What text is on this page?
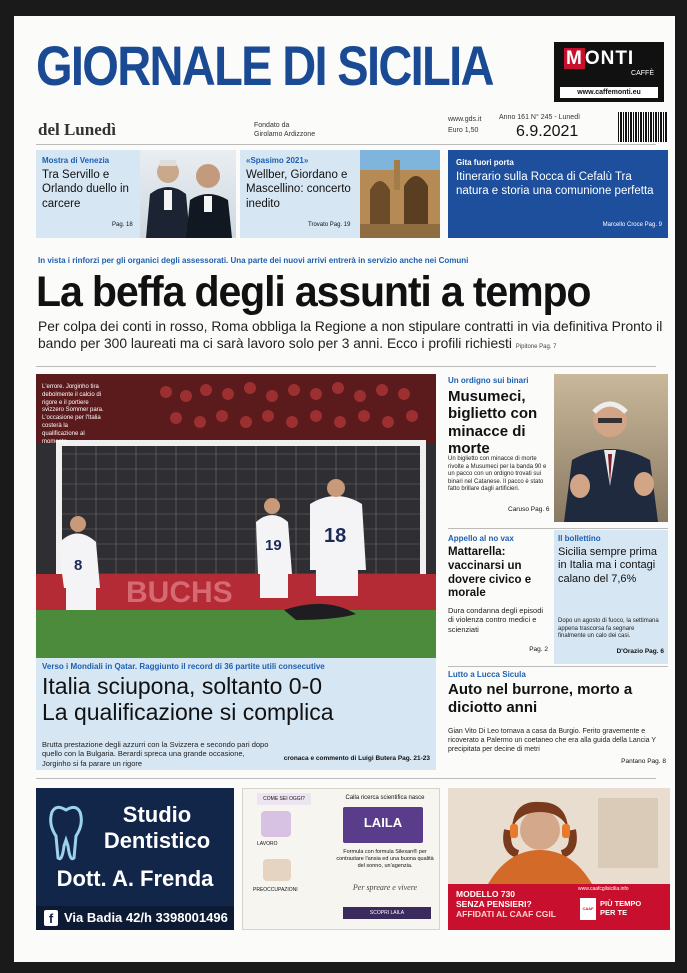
GIORNALE DI SICILIA	M ONTI
CAFFÈ
www.caffemonti.eu
del Lunedì	Fondato da
Girolamo Ardizzone
www.gds.it
Euro 1,50
Anno 161 N° 245 - Lunedì
6.9.2021
Mostra di Venezia
Tra Servillo e Orlando duello in carcere
Pag. 18
«Spasimo 2021»
Wellber, Giordano e Mascellino: concerto inedito
Trovato Pag. 19
Gita fuori porta
Itinerario sulla Rocca di Cefalù Tra natura e storia una comunione perfetta
Marcello Croce Pag. 9
In vista i rinforzi per gli organici degli assessorati. Una parte dei nuovi arrivi entrerà in servizio anche nei Comuni
La beffa degli assunti a tempo
Per colpa dei conti in rosso, Roma obbliga la Regione a non stipulare contratti in via definitiva Pronto il bando per 300 laureati ma ci sarà lavoro solo per 3 anni. Ecco i profili richiesti Pipitone Pag. 7
BUCHS
8
19 18
L'errore. Jorginho tira debolmente il calcio di rigore e il portiere svizzero Sommer para. L'occasione per l'Italia costerà la qualificazione al momento
Verso i Mondiali in Qatar. Raggiunto il record di 36 partite utili consecutive
Italia sciupona, soltanto 0-0
La qualificazione si complica
Brutta prestazione degli azzurri con la Svizzera e secondo pari dopo quello con la Bulgaria. Berardi spreca una grande occasione, Jorginho si fa parare un rigore
cronaca e commento di Luigi Butera Pag. 21-23
Un ordigno sui binari
Musumeci, biglietto con minacce di morte
Un biglietto con minacce di morte rivolte a Musumeci per la banda 90 e un pacco con un ordigno trovati sui binari nel Catanese. Il pacco è stato fatto brillare dagli artificieri.
Caruso Pag. 6
Appello al no vax
Mattarella: vaccinarsi un dovere civico e morale
Dura condanna degli episodi di violenza contro medici e scienziati
Pag. 2
Il bollettino
Sicilia sempre prima in Italia ma i contagi calano del 7,6%
Dopo un agosto di fuoco, la settimana appena trascorsa fa segnare finalmente un calo dei casi.
D'Orazio Pag. 6
Lutto a Lucca Sicula
Auto nel burrone, morto a diciotto anni
Gian Vito Di Leo tornava a casa da Burgio. Ferito gravemente e ricoverato a Palermo un coetaneo che era alla guida della Lancia Y precipitata per decine di metri
Pantano Pag. 8
Studio
Dentistico
Dott. A. Frenda
f Via Badia 42/h 3398001496
COME SEI OGGI?
LAVORO
PREOCCUPAZIONI
Calla ricerca scientifica nasce
LAILA
Formula con formula Silexan® per contrastare l'ansia ed una buona qualità del sonno, un'agenzia.
Per spreare e vivere
SCOPRI LAILA
www.caafcgilsicilia.info
MODELLO 730
SENZA PENSIERI?
AFFIDATI AL CAAF CGIL
CAAF
PIÙ TEMPO
PER TE
